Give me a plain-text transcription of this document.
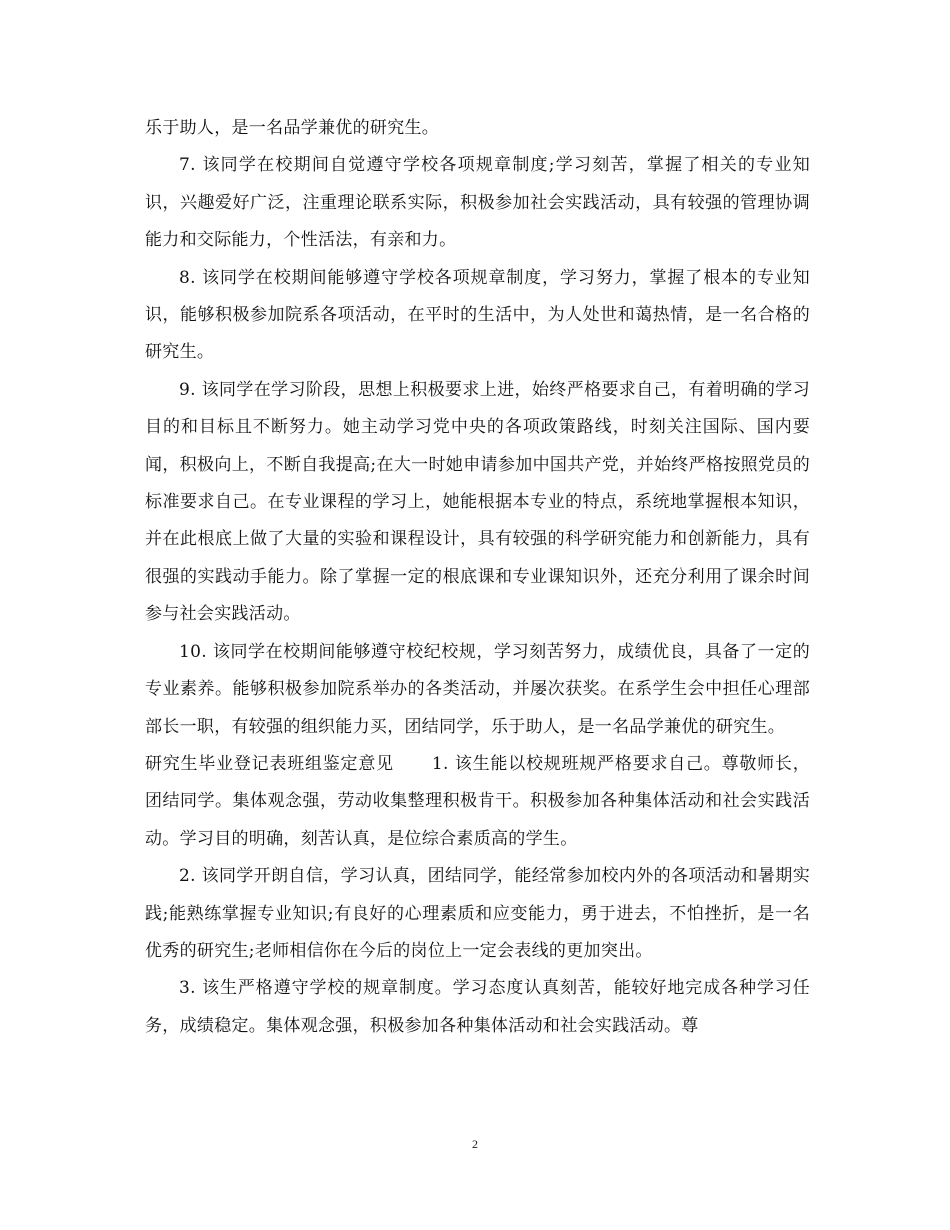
乐于助人，是一名品学兼优的研究生。

7. 该同学在校期间自觉遵守学校各项规章制度;学习刻苦，掌握了相关的专业知识，兴趣爱好广泛，注重理论联系实际，积极参加社会实践活动，具有较强的管理协调能力和交际能力，个性活法，有亲和力。

8. 该同学在校期间能够遵守学校各项规章制度，学习努力，掌握了根本的专业知识，能够积极参加院系各项活动，在平时的生活中，为人处世和蔼热情，是一名合格的研究生。

9. 该同学在学习阶段，思想上积极要求上进，始终严格要求自己，有着明确的学习目的和目标且不断努力。她主动学习党中央的各项政策路线，时刻关注国际、国内要闻，积极向上，不断自我提高;在大一时她申请参加中国共产党，并始终严格按照党员的标准要求自己。在专业课程的学习上，她能根据本专业的特点，系统地掌握根本知识，并在此根底上做了大量的实验和课程设计，具有较强的科学研究能力和创新能力，具有很强的实践动手能力。除了掌握一定的根底课和专业课知识外，还充分利用了课余时间参与社会实践活动。

10. 该同学在校期间能够遵守校纪校规，学习刻苦努力，成绩优良，具备了一定的专业素养。能够积极参加院系举办的各类活动，并屡次获奖。在系学生会中担任心理部部长一职，有较强的组织能力买，团结同学，乐于助人，是一名品学兼优的研究生。

研究生毕业登记表班组鉴定意见 1. 该生能以校规班规严格要求自己。尊敬师长，团结同学。集体观念强，劳动收集整理积极肯干。积极参加各种集体活动和社会实践活动。学习目的明确，刻苦认真，是位综合素质高的学生。

2. 该同学开朗自信，学习认真，团结同学，能经常参加校内外的各项活动和暑期实践;能熟练掌握专业知识;有良好的心理素质和应变能力，勇于进去，不怕挫折，是一名优秀的研究生;老师相信你在今后的岗位上一定会表线的更加突出。

3. 该生严格遵守学校的规章制度。学习态度认真刻苦，能较好地完成各种学习任务，成绩稳定。集体观念强，积极参加各种集体活动和社会实践活动。尊

2
